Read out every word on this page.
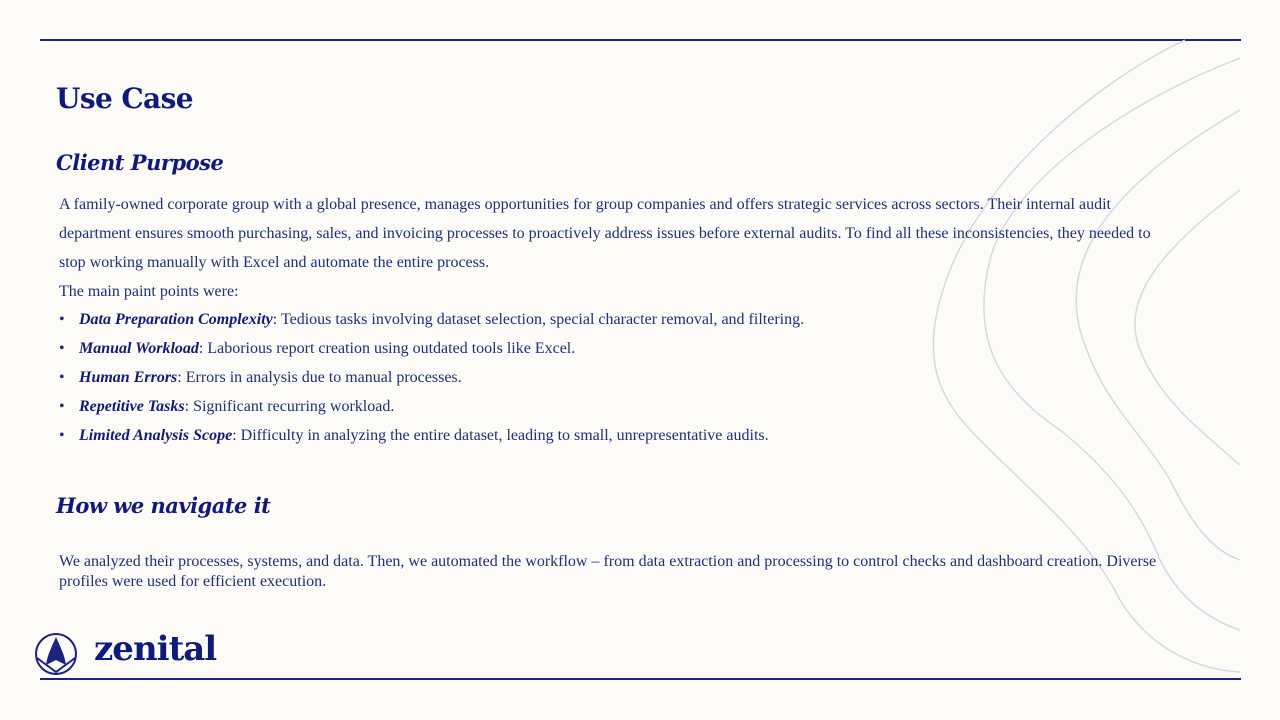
Use Case
Client Purpose

A family-owned corporate group with a global presence, manages opportunities for group companies and offers strategic services across sectors. Their internal audit department ensures smooth purchasing, sales, and invoicing processes to proactively address issues before external audits. To find all these inconsistencies, they needed to stop working manually with Excel and automate the entire process.

The main paint points were:

• Data Preparation Complexity: Tedious tasks involving dataset selection, special character removal, and filtering.
• Manual Workload: Laborious report creation using outdated tools like Excel.
• Human Errors: Errors in analysis due to manual processes.
• Repetitive Tasks: Significant recurring workload.
• Limited Analysis Scope: Difficulty in analyzing the entire dataset, leading to small, unrepresentative audits.
How we navigate it

We analyzed their processes, systems, and data. Then, we automated the workflow – from data extraction and processing to control checks and dashboard creation. Diverse profiles were used for efficient execution.

zenital
